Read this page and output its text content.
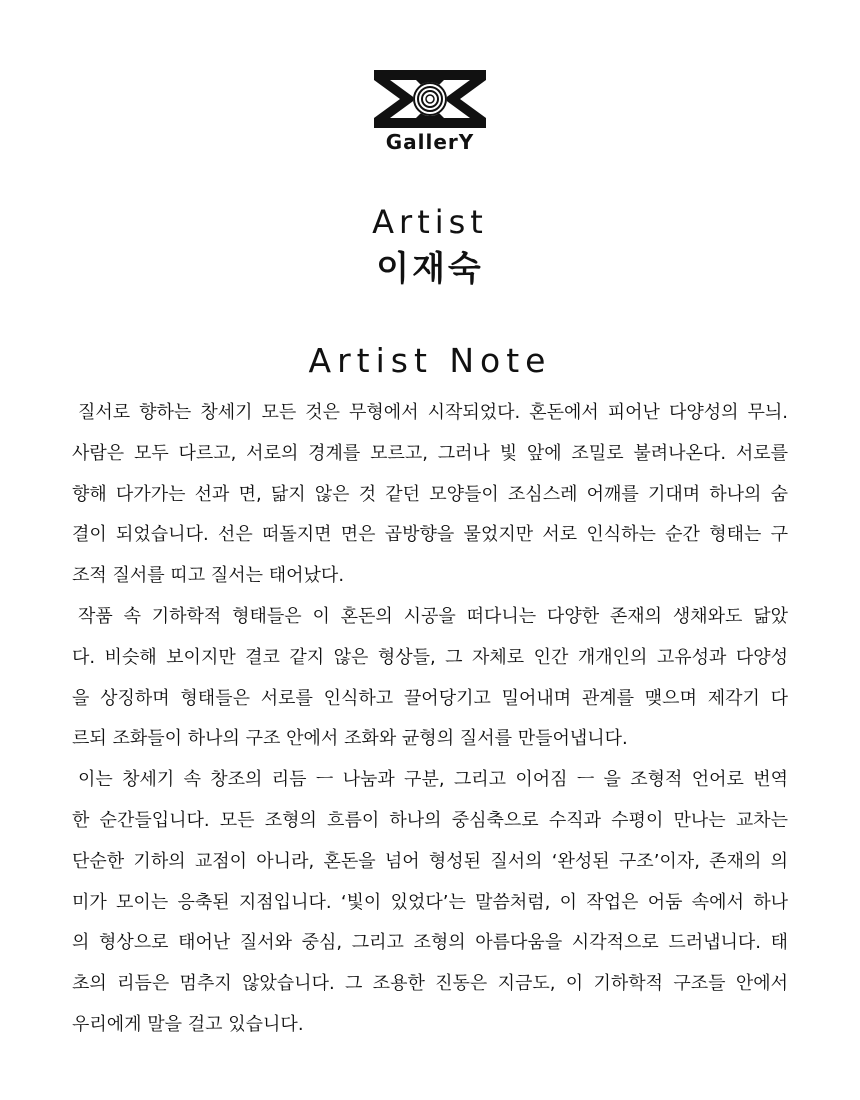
GallerY
Artist
이재숙
Artist Note
질서로 향하는 창세기 모든 것은 무형에서 시작되었다. 혼돈에서 피어난 다양성의 무늬.
사람은 모두 다르고, 서로의 경계를 모르고, 그러나 빛 앞에 조밀로 불려나온다. 서로를
향해 다가가는 선과 면, 닮지 않은 것 같던 모양들이 조심스레 어깨를 기대며 하나의 숨
결이 되었습니다. 선은 떠돌지면 면은 곱방향을 물었지만 서로 인식하는 순간 형태는 구
조적 질서를 띠고 질서는 태어났다.
작품 속 기하학적 형태들은 이 혼돈의 시공을 떠다니는 다양한 존재의 생채와도 닮았
다. 비슷해 보이지만 결코 같지 않은 형상들, 그 자체로 인간 개개인의 고유성과 다양성
을 상징하며 형태들은 서로를 인식하고 끌어당기고 밀어내며 관계를 맺으며 제각기 다
르되 조화들이 하나의 구조 안에서 조화와 균형의 질서를 만들어냅니다.
이는 창세기 속 창조의 리듬 ㅡ 나눔과 구분, 그리고 이어짐 ㅡ 을 조형적 언어로 번역
한 순간들입니다. 모든 조형의 흐름이 하나의 중심축으로 수직과 수평이 만나는 교차는
단순한 기하의 교점이 아니라, 혼돈을 넘어 형성된 질서의 ‘완성된 구조’이자, 존재의 의
미가 모이는 응축된 지점입니다. ‘빛이 있었다’는 말씀처럼, 이 작업은 어둠 속에서 하나
의 형상으로 태어난 질서와 중심, 그리고 조형의 아름다움을 시각적으로 드러냅니다. 태
초의 리듬은 멈추지 않았습니다. 그 조용한 진동은 지금도, 이 기하학적 구조들 안에서
우리에게 말을 걸고 있습니다.
